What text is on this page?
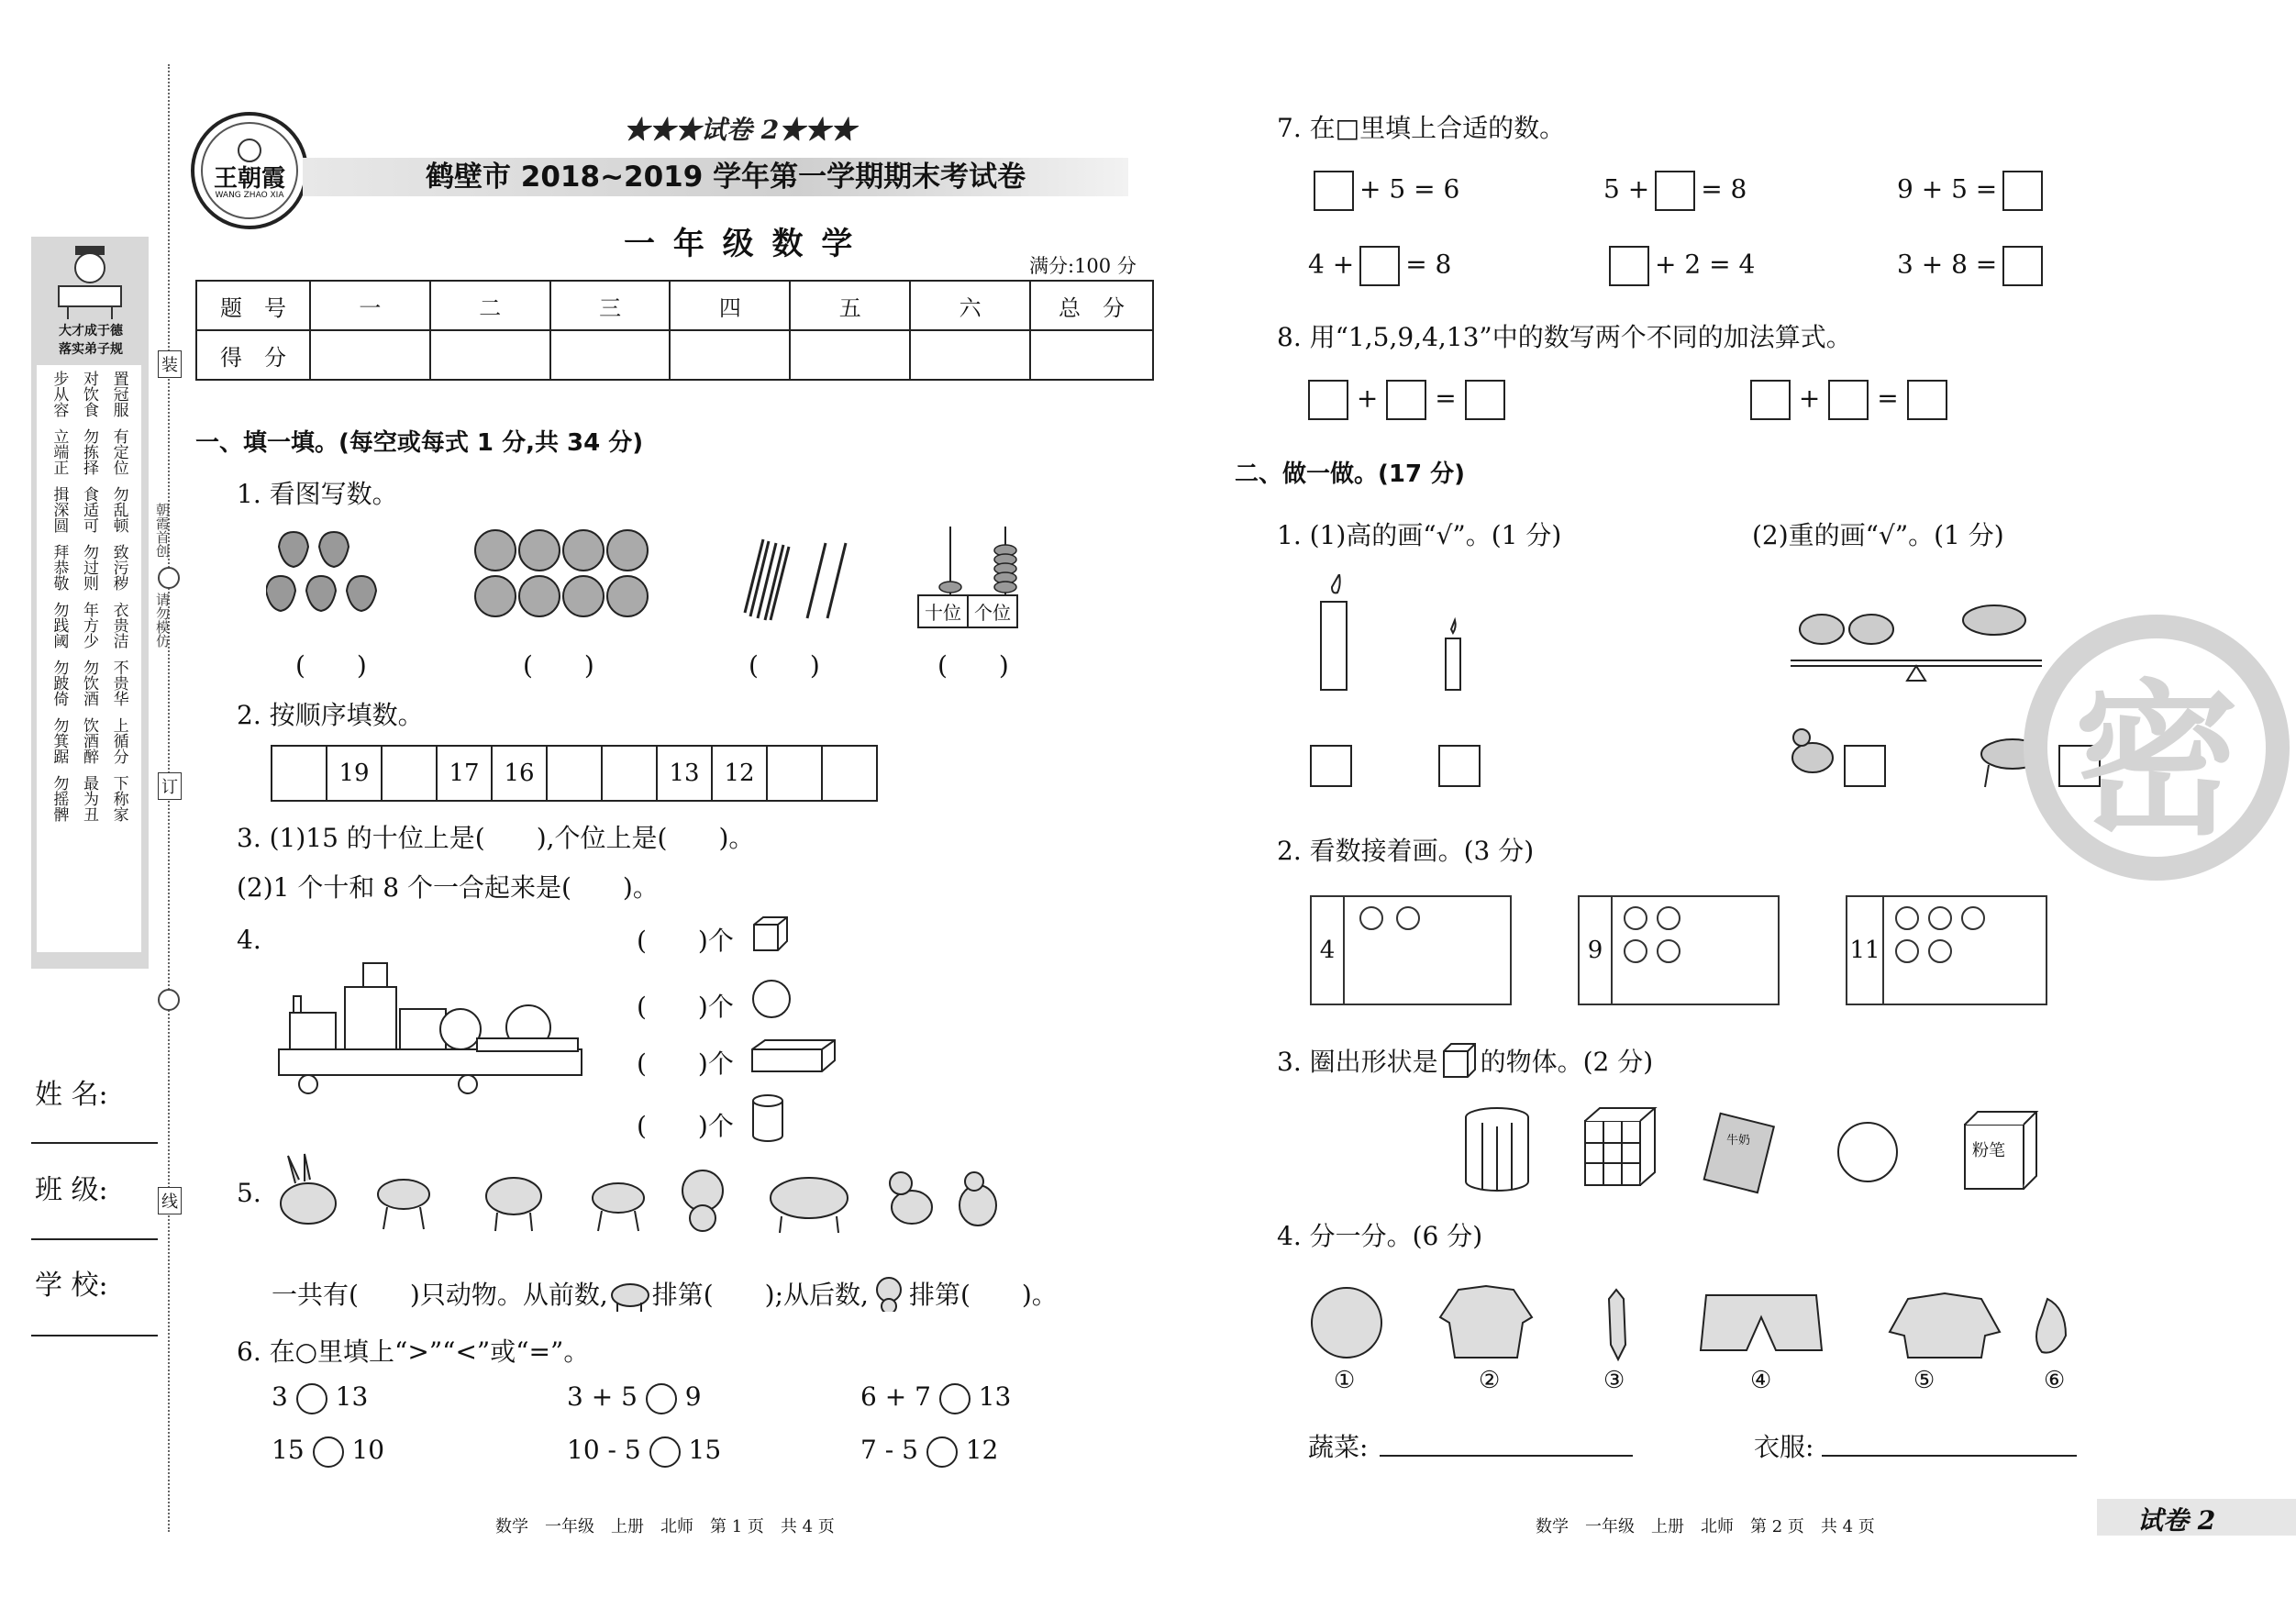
大才成于德
落实弟子规
步从容 对饮食 置冠服
立端正 勿拣择 有定位
揖深圆 食适可 勿乱顿
拜恭敬 勿过则 致污秽
勿践阈 年方少 衣贵洁
勿跛倚 勿饮酒 不贵华
勿箕踞 饮酒醉 上循分
勿摇髀 最为丑 下称家
朝霞首创
请勿模仿
装
订
线
姓 名:
班 级:
学 校:
王朝霞
WANG ZHAO XIA
★★★试卷 2★★★
鹤壁市 2018~2019 学年第一学期期末考试卷
一 年 级 数 学
满分:100 分
题　号	一	二	三	四	五	六	总　分
得　分							
一、填一填。(每空或每式 1 分,共 34 分)
1. 看图写数。
十位 个位
(　　)	(　　)	(　　)	(　　)
2. 按顺序填数。
	19		17	16			13	12		
3. (1)15 的十位上是(　　),个位上是(　　)。
(2)1 个十和 8 个一合起来是(　　)。
4.	(　　)个
(　　)个
(　　)个
(　　)个
5.
一共有(　　)只动物。从前数, 排第(　　);从后数, 排第(　　)。
6. 在○里填上“>”“<”或“=”。
3 13	3 + 5 9	6 + 7 13
15 10	10 - 5 15	7 - 5 12
数学　一年级　上册　北师　第 1 页　共 4 页
7. 在□里填上合适的数。
+ 5 = 6	5 + = 8	9 + 5 =
4 + = 8	+ 2 = 4	3 + 8 =
8. 用“1,5,9,4,13”中的数写两个不同的加法算式。
+ =	+ =
二、做一做。(17 分)
1. (1)高的画“√”。(1 分)	(2)重的画“√”。(1 分)
2. 看数接着画。(3 分)
4	9	11
3. 圈出形状是 的物体。(2 分)
牛奶
粉笔
4. 分一分。(6 分)
①	②	③	④	⑤	⑥
蔬菜:	衣服:
密
数学　一年级　上册　北师　第 2 页　共 4 页	试卷 2
